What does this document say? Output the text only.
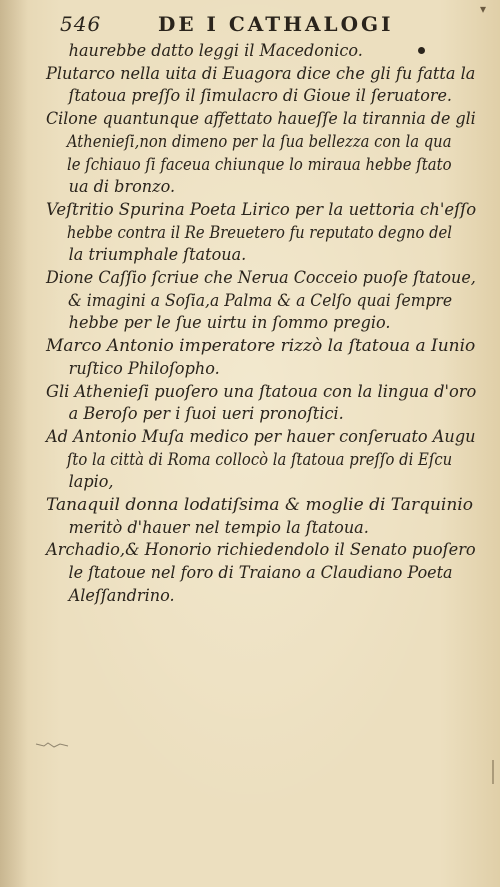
546	DE I CATHALOGI
▾
haurebbe datto leggi il Macedonico.
Plutarco nella uita di Euagora dice che gli fu fatta la
ſtatoua preſſo il ſimulacro di Gioue il ſeruatore.
Cilone quantunque affettato haueſſe la tirannia de gli
Athenieſi,non dimeno per la ſua bellezza con la qua
le ſchiauo ſi faceua chiunque lo miraua hebbe ſtato
ua di bronzo.
Veſtritio Spurina Poeta Lirico per la uettoria ch'eſſo
hebbe contra il Re Breuetero fu reputato degno del
la triumphale ſtatoua.
Dione Caſſio ſcriue che Nerua Cocceio puoſe ſtatoue,
& imagini a Soſia,a Palma & a Celſo quai ſempre
hebbe per le ſue uirtu in ſommo pregio.
Marco Antonio imperatore rizzò la ſtatoua a Iunio
ruſtico Philoſopho.
Gli Athenieſi puoſero una ſtatoua con la lingua d'oro
a Beroſo per i ſuoi ueri pronoſtici.
Ad Antonio Muſa medico per hauer conſeruato Augu
ſto la città di Roma collocò la ſtatoua preſſo di Eſcu
lapio,
Tanaquil donna lodatiſsima & moglie di Tarquinio
meritò d'hauer nel tempio la ſtatoua.
Archadio,& Honorio richiedendolo il Senato puoſero
le ſtatoue nel foro di Traiano a Claudiano Poeta
Aleſſandrino.
